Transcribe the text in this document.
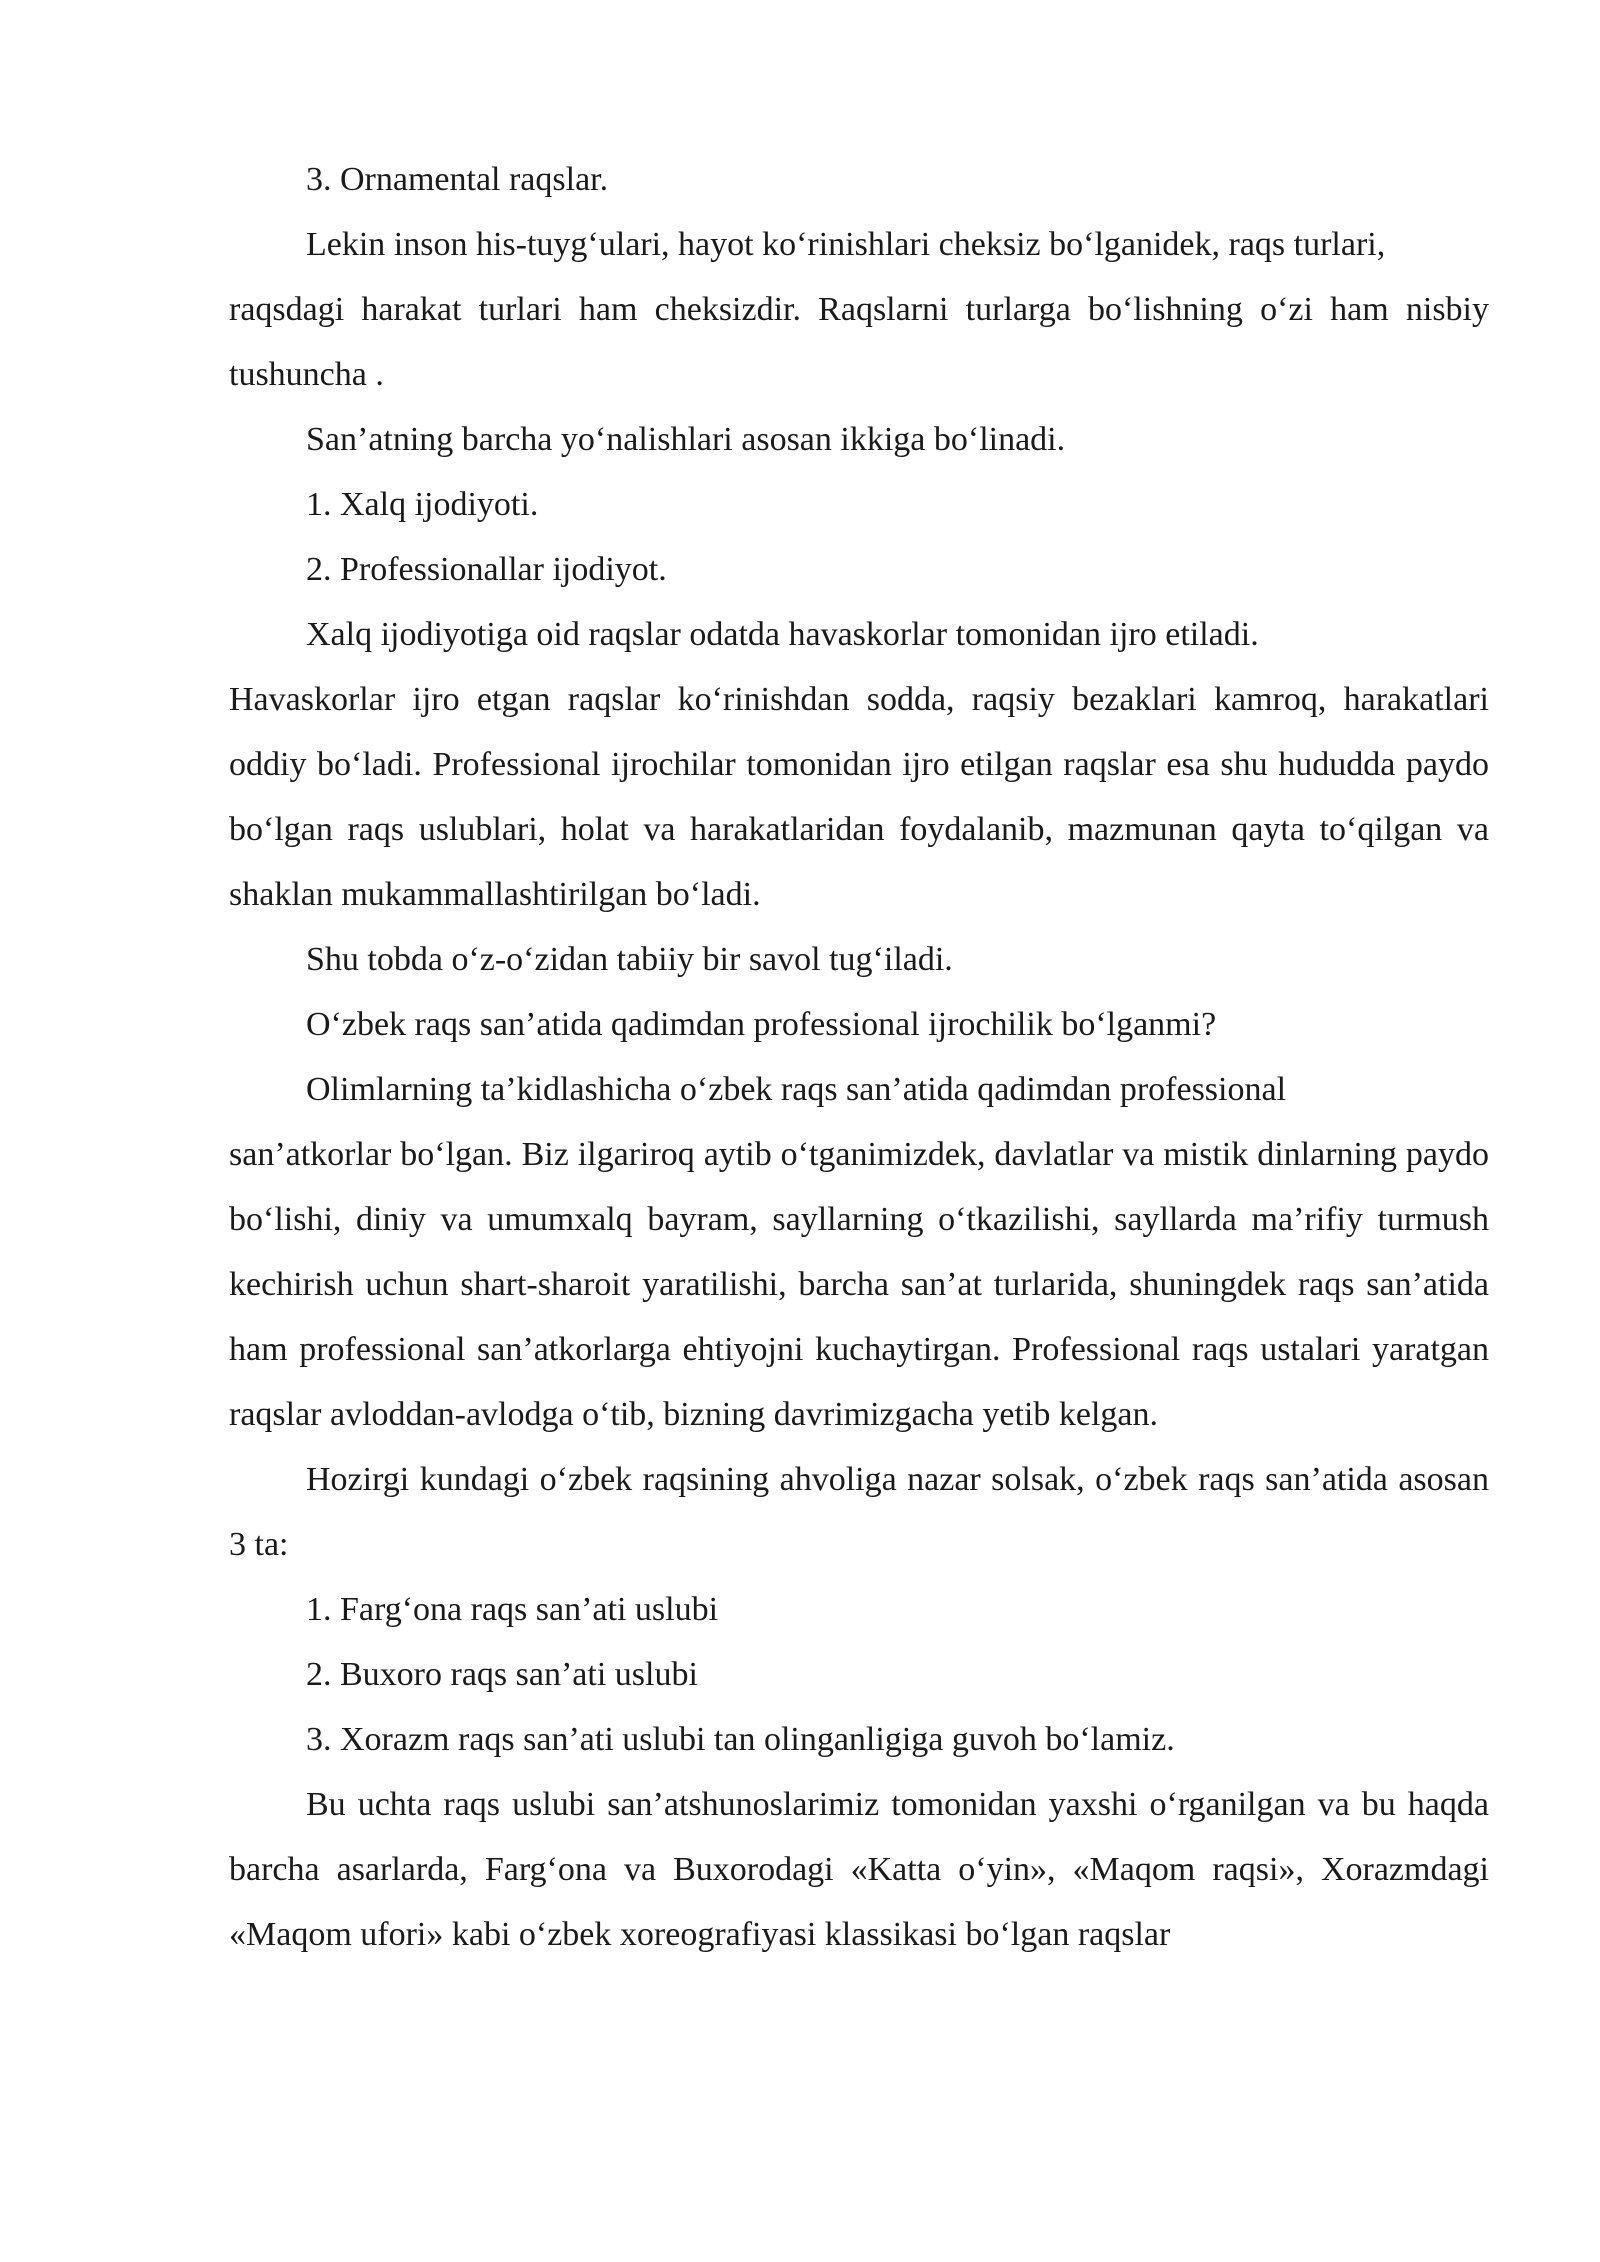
3. Ornamental raqslar.

Lekin inson his-tuyg‘ulari, hayot ko‘rinishlari cheksiz bo‘lganidek, raqs turlari,

raqsdagi harakat turlari ham cheksizdir. Raqslarni turlarga bo‘lishning o‘zi ham nisbiy tushuncha .

San’atning barcha yo‘nalishlari asosan ikkiga bo‘linadi.

1. Xalq ijodiyoti.

2. Professionallar ijodiyot.

Xalq ijodiyotiga oid raqslar odatda havaskorlar tomonidan ijro etiladi.

Havaskorlar ijro etgan raqslar ko‘rinishdan sodda, raqsiy bezaklari kamroq, harakatlari oddiy bo‘ladi. Professional ijrochilar tomonidan ijro etilgan raqslar esa shu hududda paydo bo‘lgan raqs uslublari, holat va harakatlaridan foydalanib, mazmunan qayta to‘qilgan va shaklan mukammallashtirilgan bo‘ladi.

Shu tobda o‘z-o‘zidan tabiiy bir savol tug‘iladi.

O‘zbek raqs san’atida qadimdan professional ijrochilik bo‘lganmi?

Olimlarning ta’kidlashicha o‘zbek raqs san’atida qadimdan professional

san’atkorlar bo‘lgan. Biz ilgariroq aytib o‘tganimizdek, davlatlar va mistik dinlarning paydo bo‘lishi, diniy va umumxalq bayram, sayllarning o‘tkazilishi, sayllarda ma’rifiy turmush kechirish uchun shart-sharoit yaratilishi, barcha san’at turlarida, shuningdek raqs san’atida ham professional san’atkorlarga ehtiyojni kuchaytirgan. Professional raqs ustalari yaratgan raqslar avloddan-avlodga o‘tib, bizning davrimizgacha yetib kelgan.

Hozirgi kundagi o‘zbek raqsining ahvoliga nazar solsak, o‘zbek raqs san’atida asosan 3 ta:

1. Farg‘ona raqs san’ati uslubi

2. Buxoro raqs san’ati uslubi

3. Xorazm raqs san’ati uslubi tan olinganligiga guvoh bo‘lamiz.

Bu uchta raqs uslubi san’atshunoslarimiz tomonidan yaxshi o‘rganilgan va bu haqda barcha asarlarda, Farg‘ona va Buxorodagi «Katta o‘yin», «Maqom raqsi», Xorazmdagi «Maqom ufori» kabi o‘zbek xoreografiyasi klassikasi bo‘lgan raqslar
